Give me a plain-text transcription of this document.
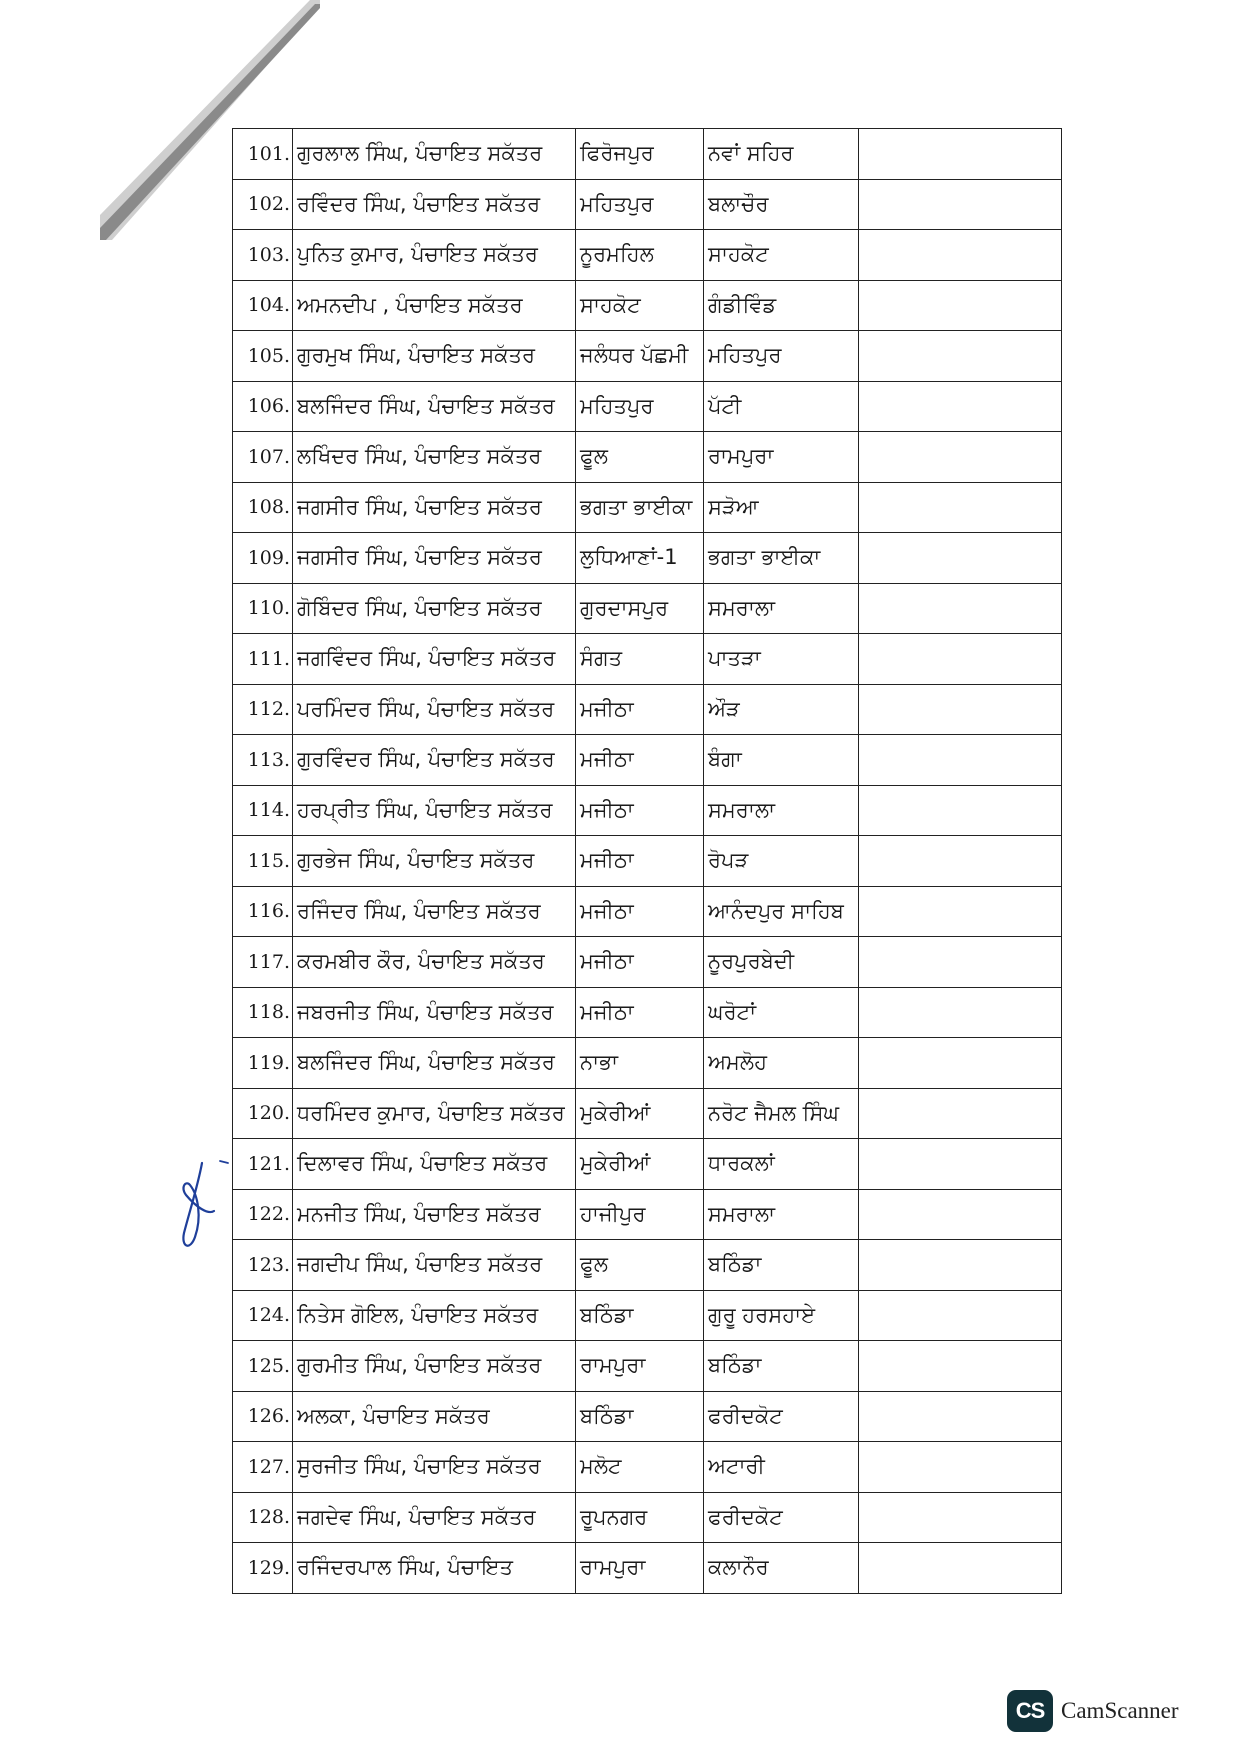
101.	ਗੁਰਲਾਲ ਸਿੰਘ, ਪੰਚਾਇਤ ਸਕੱਤਰ	ਫਿਰੋਜਪੁਰ	ਨਵਾਂ ਸਹਿਰ	
102.	ਰਵਿੰਦਰ ਸਿੰਘ, ਪੰਚਾਇਤ ਸਕੱਤਰ	ਮਹਿਤਪੁਰ	ਬਲਾਚੌਰ	
103.	ਪੁਨਿਤ ਕੁਮਾਰ, ਪੰਚਾਇਤ ਸਕੱਤਰ	ਨੂਰਮਹਿਲ	ਸਾਹਕੋਟ	
104.	ਅਮਨਦੀਪ , ਪੰਚਾਇਤ ਸਕੱਤਰ	ਸਾਹਕੋਟ	ਗੰਡੀਵਿੰਡ	
105.	ਗੁਰਮੁਖ ਸਿੰਘ, ਪੰਚਾਇਤ ਸਕੱਤਰ	ਜਲੰਧਰ ਪੱਛਮੀ	ਮਹਿਤਪੁਰ	
106.	ਬਲਜਿੰਦਰ ਸਿੰਘ, ਪੰਚਾਇਤ ਸਕੱਤਰ	ਮਹਿਤਪੁਰ	ਪੱਟੀ	
107.	ਲਖਿੰਦਰ ਸਿੰਘ, ਪੰਚਾਇਤ ਸਕੱਤਰ	ਫੂਲ	ਰਾਮਪੁਰਾ	
108.	ਜਗਸੀਰ ਸਿੰਘ, ਪੰਚਾਇਤ ਸਕੱਤਰ	ਭਗਤਾ ਭਾਈਕਾ	ਸੜੋਆ	
109.	ਜਗਸੀਰ ਸਿੰਘ, ਪੰਚਾਇਤ ਸਕੱਤਰ	ਲੁਧਿਆਣਾਂ-1	ਭਗਤਾ ਭਾਈਕਾ	
110.	ਗੋਬਿੰਦਰ ਸਿੰਘ, ਪੰਚਾਇਤ ਸਕੱਤਰ	ਗੁਰਦਾਸਪੁਰ	ਸਮਰਾਲਾ	
111.	ਜਗਵਿੰਦਰ ਸਿੰਘ, ਪੰਚਾਇਤ ਸਕੱਤਰ	ਸੰਗਤ	ਪਾਤੜਾ	
112.	ਪਰਮਿੰਦਰ ਸਿੰਘ, ਪੰਚਾਇਤ ਸਕੱਤਰ	ਮਜੀਠਾ	ਔੜ	
113.	ਗੁਰਵਿੰਦਰ ਸਿੰਘ, ਪੰਚਾਇਤ ਸਕੱਤਰ	ਮਜੀਠਾ	ਬੰਗਾ	
114.	ਹਰਪ੍ਰੀਤ ਸਿੰਘ, ਪੰਚਾਇਤ ਸਕੱਤਰ	ਮਜੀਠਾ	ਸਮਰਾਲਾ	
115.	ਗੁਰਭੇਜ ਸਿੰਘ, ਪੰਚਾਇਤ ਸਕੱਤਰ	ਮਜੀਠਾ	ਰੋਪੜ	
116.	ਰਜਿੰਦਰ ਸਿੰਘ, ਪੰਚਾਇਤ ਸਕੱਤਰ	ਮਜੀਠਾ	ਆਨੰਦਪੁਰ ਸਾਹਿਬ	
117.	ਕਰਮਬੀਰ ਕੌਰ, ਪੰਚਾਇਤ ਸਕੱਤਰ	ਮਜੀਠਾ	ਨੂਰਪੁਰਬੇਦੀ	
118.	ਜਬਰਜੀਤ ਸਿੰਘ, ਪੰਚਾਇਤ ਸਕੱਤਰ	ਮਜੀਠਾ	ਘਰੋਟਾਂ	
119.	ਬਲਜਿੰਦਰ ਸਿੰਘ, ਪੰਚਾਇਤ ਸਕੱਤਰ	ਨਾਭਾ	ਅਮਲੋਹ	
120.	ਧਰਮਿੰਦਰ ਕੁਮਾਰ, ਪੰਚਾਇਤ ਸਕੱਤਰ	ਮੁਕੇਰੀਆਂ	ਨਰੋਟ ਜੈਮਲ ਸਿੰਘ	
121.	ਦਿਲਾਵਰ ਸਿੰਘ, ਪੰਚਾਇਤ ਸਕੱਤਰ	ਮੁਕੇਰੀਆਂ	ਧਾਰਕਲਾਂ	
122.	ਮਨਜੀਤ ਸਿੰਘ, ਪੰਚਾਇਤ ਸਕੱਤਰ	ਹਾਜੀਪੁਰ	ਸਮਰਾਲਾ	
123.	ਜਗਦੀਪ ਸਿੰਘ, ਪੰਚਾਇਤ ਸਕੱਤਰ	ਫੂਲ	ਬਠਿੰਡਾ	
124.	ਨਿਤੇਸ ਗੋਇਲ, ਪੰਚਾਇਤ ਸਕੱਤਰ	ਬਠਿੰਡਾ	ਗੁਰੂ ਹਰਸਹਾਏ	
125.	ਗੁਰਮੀਤ ਸਿੰਘ, ਪੰਚਾਇਤ ਸਕੱਤਰ	ਰਾਮਪੁਰਾ	ਬਠਿੰਡਾ	
126.	ਅਲਕਾ, ਪੰਚਾਇਤ ਸਕੱਤਰ	ਬਠਿੰਡਾ	ਫਰੀਦਕੋਟ	
127.	ਸੁਰਜੀਤ ਸਿੰਘ, ਪੰਚਾਇਤ ਸਕੱਤਰ	ਮਲੋਟ	ਅਟਾਰੀ	
128.	ਜਗਦੇਵ ਸਿੰਘ, ਪੰਚਾਇਤ ਸਕੱਤਰ	ਰੂਪਨਗਰ	ਫਰੀਦਕੋਟ	
129.	ਰਜਿੰਦਰਪਾਲ ਸਿੰਘ, ਪੰਚਾਇਤ	ਰਾਮਪੁਰਾ	ਕਲਾਨੌਰ	
CS CamScanner
